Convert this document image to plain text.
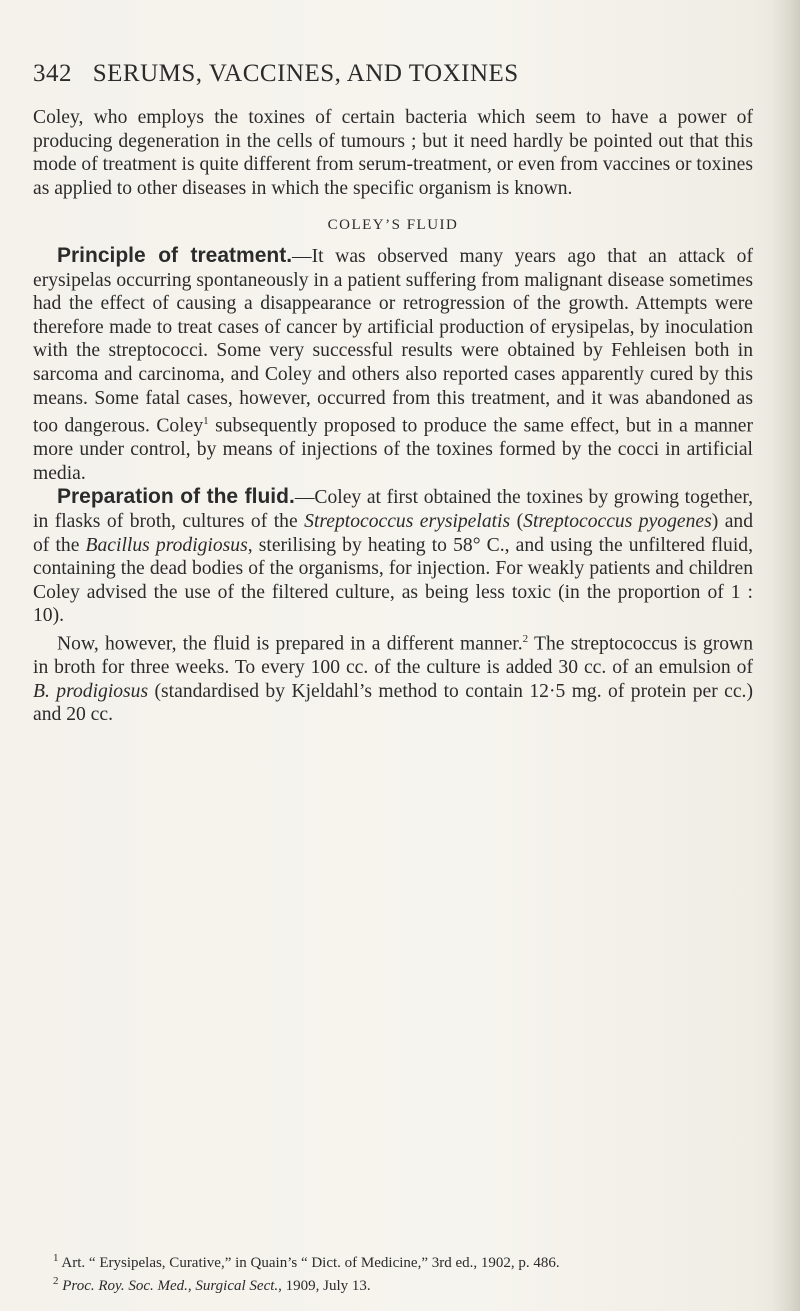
342 SERUMS, VACCINES, AND TOXINES

Coley, who employs the toxines of certain bacteria which seem to have a power of producing degeneration in the cells of tumours ; but it need hardly be pointed out that this mode of treatment is quite different from serum-treatment, or even from vaccines or toxines as applied to other diseases in which the specific organism is known.

COLEY’S FLUID

Principle of treatment.—It was observed many years ago that an attack of erysipelas occurring spontaneously in a patient suffering from malignant disease sometimes had the effect of causing a disappearance or retrogression of the growth. Attempts were therefore made to treat cases of cancer by artificial production of erysipelas, by inoculation with the streptococci. Some very successful results were obtained by Fehleisen both in sarcoma and carcinoma, and Coley and others also reported cases apparently cured by this means. Some fatal cases, however, occurred from this treatment, and it was abandoned as too dangerous. Coley$^1$ subsequently proposed to produce the same effect, but in a manner more under control, by means of injections of the toxines formed by the cocci in artificial media.

Preparation of the fluid.—Coley at first obtained the toxines by growing together, in flasks of broth, cultures of the Streptococcus erysipelatis (Streptococcus pyogenes) and of the Bacillus prodigiosus, sterilising by heating to 58° C., and using the unfiltered fluid, containing the dead bodies of the organisms, for injection. For weakly patients and children Coley advised the use of the filtered culture, as being less toxic (in the proportion of 1 : 10).

Now, however, the fluid is prepared in a different manner.$^2$ The streptococcus is grown in broth for three weeks. To every 100 cc. of the culture is added 30 cc. of an emulsion of B. prodigiosus (standardised by Kjeldahl’s method to contain 12·5 mg. of protein per cc.) and 20 cc.

$^1$ Art. “ Erysipelas, Curative,” in Quain’s “ Dict. of Medicine,” 3rd ed., 1902, p. 486.

$^2$ Proc. Roy. Soc. Med., Surgical Sect., 1909, July 13.
